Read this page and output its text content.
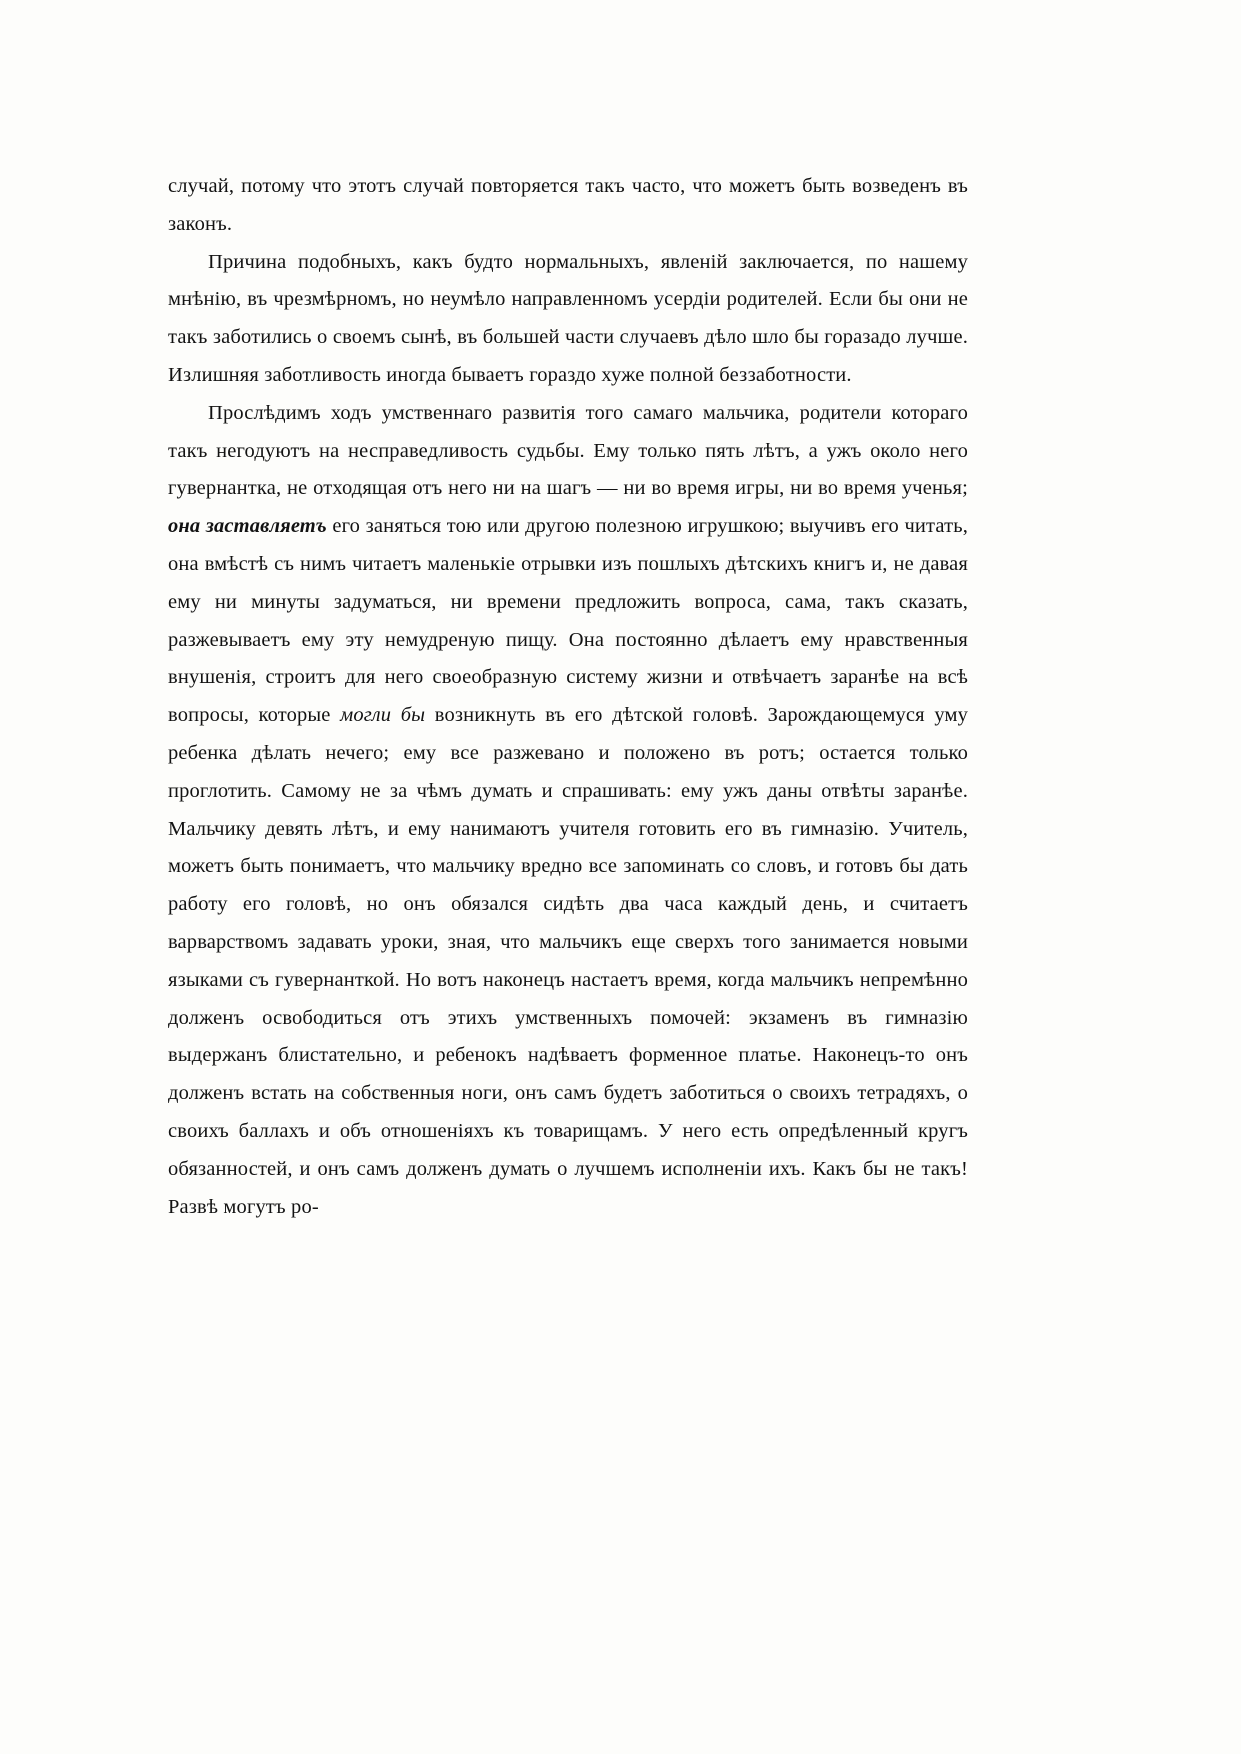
случай, потому что этотъ случай повторяется такъ часто, что можетъ быть возведенъ въ законъ.

Причина подобныхъ, какъ будто нормальныхъ, явленій заключается, по нашему мнѣнію, въ чрезмѣрномъ, но неумѣло направленномъ усердіи родителей. Если бы они не такъ заботились о своемъ сынѣ, въ большей части случаевъ дѣло шло бы горазадо лучше. Излишняя заботливость иногда бываетъ гораздо хуже полной беззаботности.

Прослѣдимъ ходъ умственнаго развитія того самаго мальчика, родители котораго такъ негодуютъ на несправедливость судьбы. Ему только пять лѣтъ, а ужъ около него гувернантка, не отходящая отъ него ни на шагъ — ни во время игры, ни во время ученья; она заставляетъ его заняться тою или другою полезною игрушкою; выучивъ его читать, она вмѣстѣ съ нимъ читаетъ маленькіе отрывки изъ пошлыхъ дѣтскихъ книгъ и, не давая ему ни минуты задуматься, ни времени предложить вопроса, сама, такъ сказать, разжевываетъ ему эту немудреную пищу. Она постоянно дѣлаетъ ему нравственныя внушенія, строитъ для него своеобразную систему жизни и отвѣчаетъ заранѣе на всѣ вопросы, которые могли бы возникнуть въ его дѣтской головѣ. Зарождающемуся уму ребенка дѣлать нечего; ему все разжевано и положено въ ротъ; остается только проглотить. Самому не за чѣмъ думать и спрашивать: ему ужъ даны отвѣты заранѣе. Мальчику девять лѣтъ, и ему нанимаютъ учителя готовить его въ гимназію. Учитель, можетъ быть понимаетъ, что мальчику вредно все запоминать со словъ, и готовъ бы дать работу его головѣ, но онъ обязался сидѣть два часа каждый день, и считаетъ варварствомъ задавать уроки, зная, что мальчикъ еще сверхъ того занимается новыми языками съ гувернанткой. Но вотъ наконецъ настаетъ время, когда мальчикъ непремѣнно долженъ освободиться отъ этихъ умственныхъ помочей: экзаменъ въ гимназію выдержанъ блистательно, и ребенокъ надѣваетъ форменное платье. Наконецъ-то онъ долженъ встать на собственныя ноги, онъ самъ будетъ заботиться о своихъ тетрадяхъ, о своихъ баллахъ и объ отношеніяхъ къ товарищамъ. У него есть опредѣленный кругъ обязанностей, и онъ самъ долженъ думать о лучшемъ исполненіи ихъ. Какъ бы не такъ! Развѣ могутъ ро-
